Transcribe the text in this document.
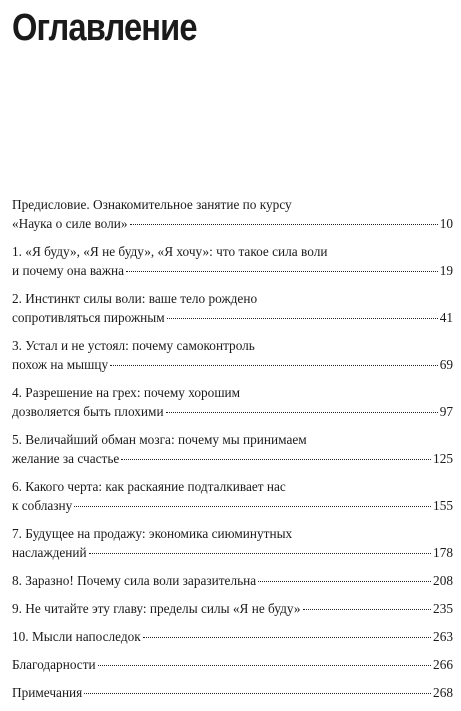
Оглавление
Предисловие. Ознакомительное занятие по курсу
«Наука о силе воли»	10
1. «Я буду», «Я не буду», «Я хочу»: что такое сила воли
и почему она важна	19
2. Инстинкт силы воли: ваше тело рождено
сопротивляться пирожным	41
3. Устал и не устоял: почему самоконтроль
похож на мышцу	69
4. Разрешение на грех: почему хорошим
дозволяется быть плохими	97
5. Величайший обман мозга: почему мы принимаем
желание за счастье	125
6. Какого черта: как раскаяние подталкивает нас
к соблазну	155
7. Будущее на продажу: экономика сиюминутных
наслаждений	178
8. Заразно! Почему сила воли заразительна	208
9. Не читайте эту главу: пределы силы «Я не буду»	235
10. Мысли напоследок	263
Благодарности	266
Примечания	268
